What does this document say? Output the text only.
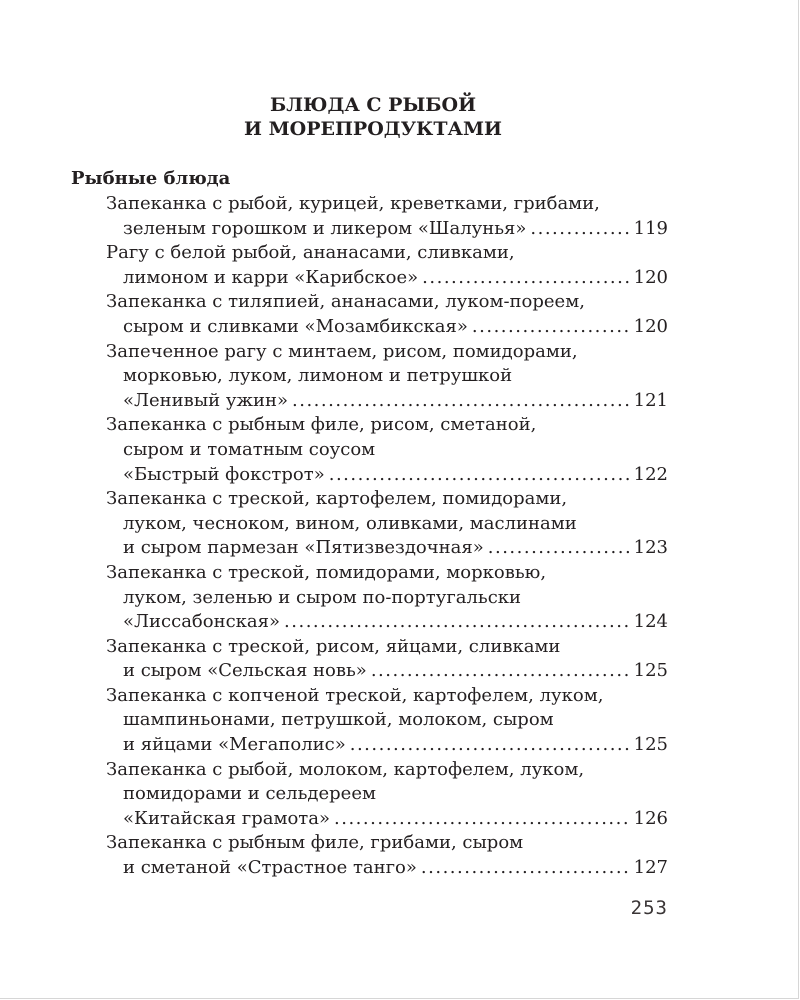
БЛЮДА С РЫБОЙ
И МОРЕПРОДУКТАМИ
Рыбные блюда
Запеканка с рыбой, курицей, креветками, грибами,
зеленым горошком и ликером «Шалунья» .....	119
Рагу с белой рыбой, ананасами, сливками,
лимоном и карри «Карибское» .....	120
Запеканка с тиляпией, ананасами, луком-пореем,
сыром и сливками «Мозамбикская» .....	120
Запеченное рагу с минтаем, рисом, помидорами,
морковью, луком, лимоном и петрушкой
«Ленивый ужин» .....	121
Запеканка с рыбным филе, рисом, сметаной,
сыром и томатным соусом
«Быстрый фокстрот» .....	122
Запеканка с треской, картофелем, помидорами,
луком, чесноком, вином, оливками, маслинами
и сыром пармезан «Пятизвездочная» .....	123
Запеканка с треской, помидорами, морковью,
луком, зеленью и сыром по-португальски
«Лиссабонская» .....	124
Запеканка с треской, рисом, яйцами, сливками
и сыром «Сельская новь» .....	125
Запеканка с копченой треской, картофелем, луком,
шампиньонами, петрушкой, молоком, сыром
и яйцами «Мегаполис» .....	125
Запеканка с рыбой, молоком, картофелем, луком,
помидорами и сельдереем
«Китайская грамота» .....	126
Запеканка с рыбным филе, грибами, сыром
и сметаной «Страстное танго» .....	127
253
